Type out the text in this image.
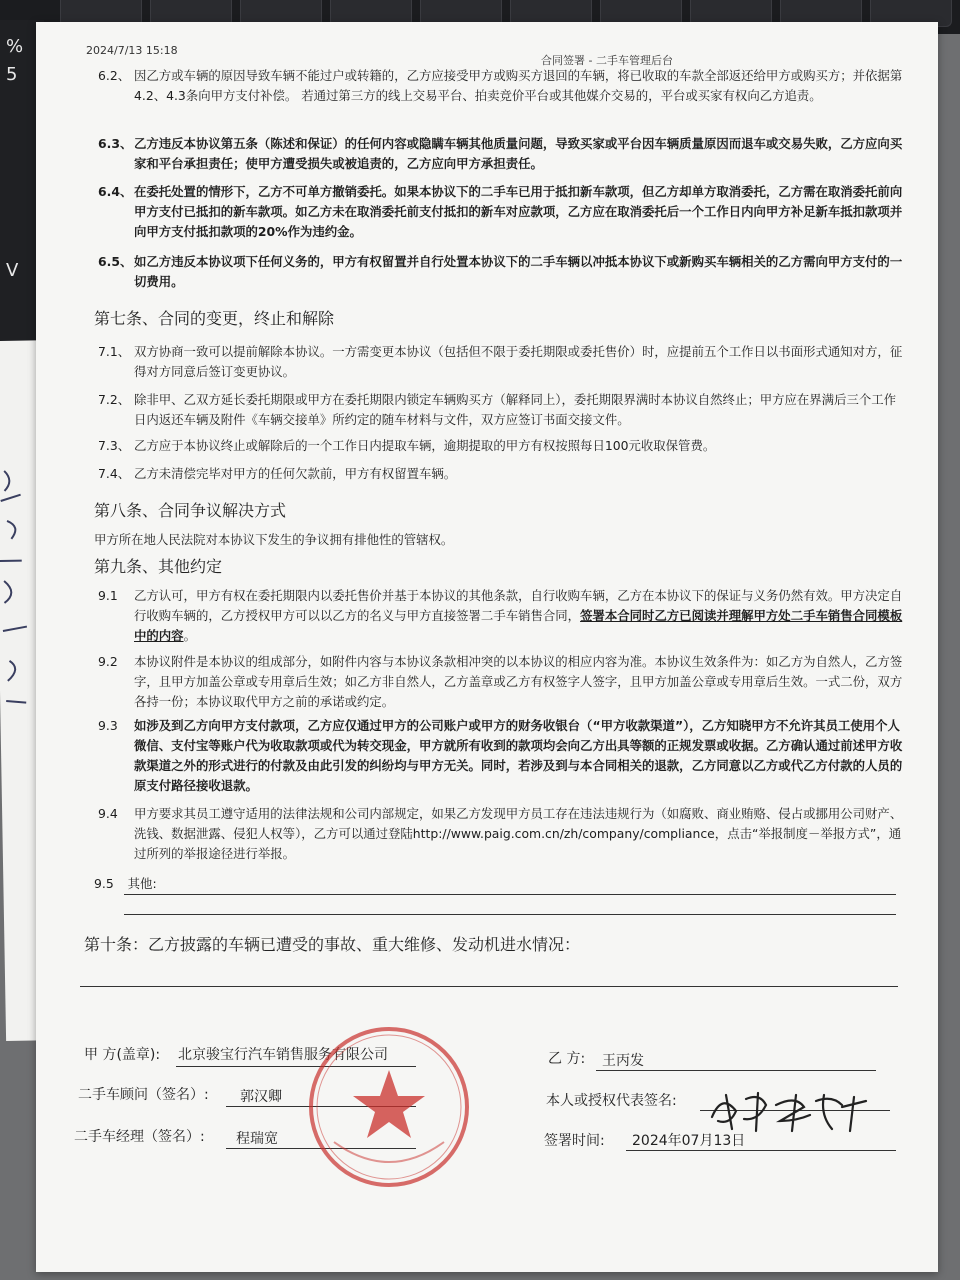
%
5
V
2024/7/13 15:18
合同签署 - 二手车管理后台
6.2、 因乙方或车辆的原因导致车辆不能过户或转籍的，乙方应接受甲方或购买方退回的车辆，将已收取的车款全部返还给甲方或购买方；并依据第4.2、4.3条向甲方支付补偿。 若通过第三方的线上交易平台、拍卖竞价平台或其他媒介交易的，平台或买家有权向乙方追责。
6.3、 乙方违反本协议第五条（陈述和保证）的任何内容或隐瞒车辆其他质量问题，导致买家或平台因车辆质量原因而退车或交易失败，乙方应向买家和平台承担责任；使甲方遭受损失或被追责的，乙方应向甲方承担责任。
6.4、 在委托处置的情形下，乙方不可单方撤销委托。如果本协议下的二手车已用于抵扣新车款项，但乙方却单方取消委托，乙方需在取消委托前向甲方支付已抵扣的新车款项。如乙方未在取消委托前支付抵扣的新车对应款项，乙方应在取消委托后一个工作日内向甲方补足新车抵扣款项并向甲方支付抵扣款项的20%作为违约金。
6.5、 如乙方违反本协议项下任何义务的，甲方有权留置并自行处置本协议下的二手车辆以冲抵本协议下或新购买车辆相关的乙方需向甲方支付的一切费用。
第七条、合同的变更，终止和解除
7.1、 双方协商一致可以提前解除本协议。一方需变更本协议（包括但不限于委托期限或委托售价）时，应提前五个工作日以书面形式通知对方，征得对方同意后签订变更协议。
7.2、 除非甲、乙双方延长委托期限或甲方在委托期限内锁定车辆购买方（解释同上），委托期限界满时本协议自然终止；甲方应在界满后三个工作日内返还车辆及附件《车辆交接单》所约定的随车材料与文件，双方应签订书面交接文件。
7.3、 乙方应于本协议终止或解除后的一个工作日内提取车辆，逾期提取的甲方有权按照每日100元收取保管费。
7.4、 乙方未清偿完毕对甲方的任何欠款前，甲方有权留置车辆。
第八条、合同争议解决方式
甲方所在地人民法院对本协议下发生的争议拥有排他性的管辖权。
第九条、其他约定
9.1 乙方认可，甲方有权在委托期限内以委托售价并基于本协议的其他条款，自行收购车辆，乙方在本协议下的保证与义务仍然有效。甲方决定自行收购车辆的，乙方授权甲方可以以乙方的名义与甲方直接签署二手车销售合同，签署本合同时乙方已阅读并理解甲方处二手车销售合同模板中的内容。
9.2 本协议附件是本协议的组成部分，如附件内容与本协议条款相冲突的以本协议的相应内容为准。本协议生效条件为：如乙方为自然人，乙方签字，且甲方加盖公章或专用章后生效；如乙方非自然人，乙方盖章或乙方有权签字人签字，且甲方加盖公章或专用章后生效。一式二份，双方各持一份；本协议取代甲方之前的承诺或约定。
9.3 如涉及到乙方向甲方支付款项，乙方应仅通过甲方的公司账户或甲方的财务收银台（“甲方收款渠道”），乙方知晓甲方不允许其员工使用个人微信、支付宝等账户代为收取款项或代为转交现金，甲方就所有收到的款项均会向乙方出具等额的正规发票或收据。乙方确认通过前述甲方收款渠道之外的形式进行的付款及由此引发的纠纷均与甲方无关。同时，若涉及到与本合同相关的退款，乙方同意以乙方或代乙方付款的人员的原支付路径接收退款。
9.4 甲方要求其员工遵守适用的法律法规和公司内部规定，如果乙方发现甲方员工存在违法违规行为（如腐败、商业贿赂、侵占或挪用公司财产、洗钱、数据泄露、侵犯人权等），乙方可以通过登陆http://www.paig.com.cn/zh/company/compliance，点击“举报制度－举报方式”，通过所列的举报途径进行举报。
9.5 其他:
第十条：乙方披露的车辆已遭受的事故、重大维修、发动机进水情况：
甲 方(盖章): 北京骏宝行汽车销售服务有限公司
二手车顾问（签名）: 郭汉卿
二手车经理（签名）: 程瑞宽
乙 方: 王丙发
本人或授权代表签名:
签署时间: 2024年07月13日
